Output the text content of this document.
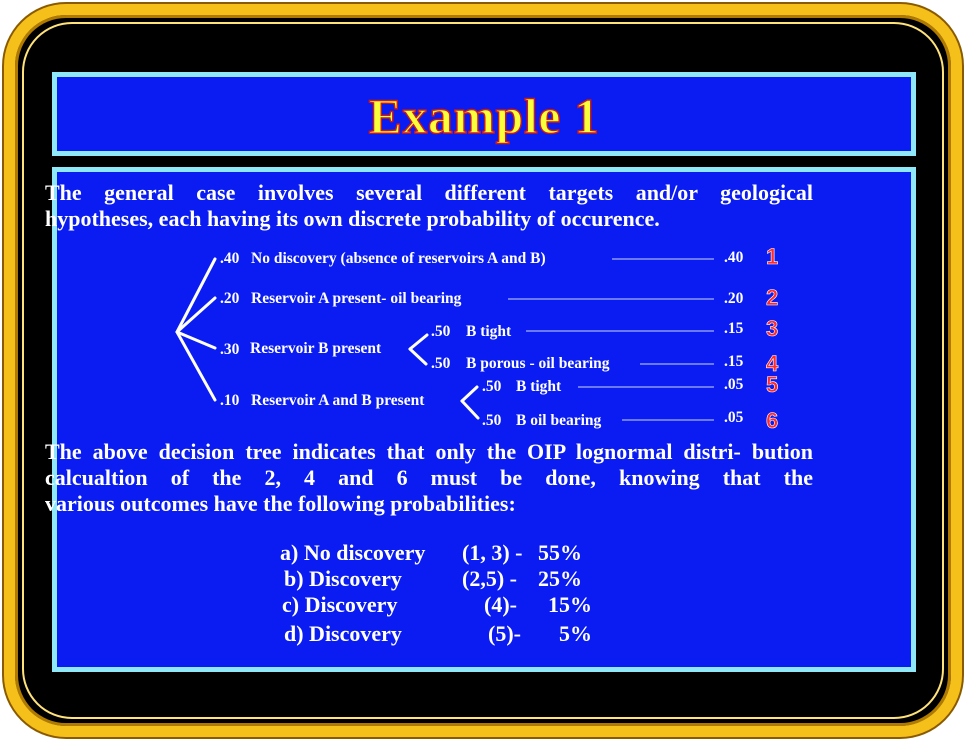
Example 1
The general case involves several different targets and/or geological
hypotheses, each having its own discrete probability of occurence.
.40 No discovery (absence of reservoirs A and B)	.40 1
.20 Reservoir A present- oil bearing	.20 2
.30 Reservoir B present
.50 B tight	.15 3
.50 B porous - oil bearing	.15 4
.10 Reservoir A and B present
.50 B tight	.05 5
.50 B oil bearing	.05 6
The above decision tree indicates that only the OIP lognormal distri- bution calcualtion of the 2, 4 and 6 must be done, knowing that the
various outcomes have the following probabilities:
a) No discovery (1, 3) - 55%
b) Discovery	(2,5) - 25%
c) Discovery	(4)- 15%
d) Discovery	(5)- 5%
